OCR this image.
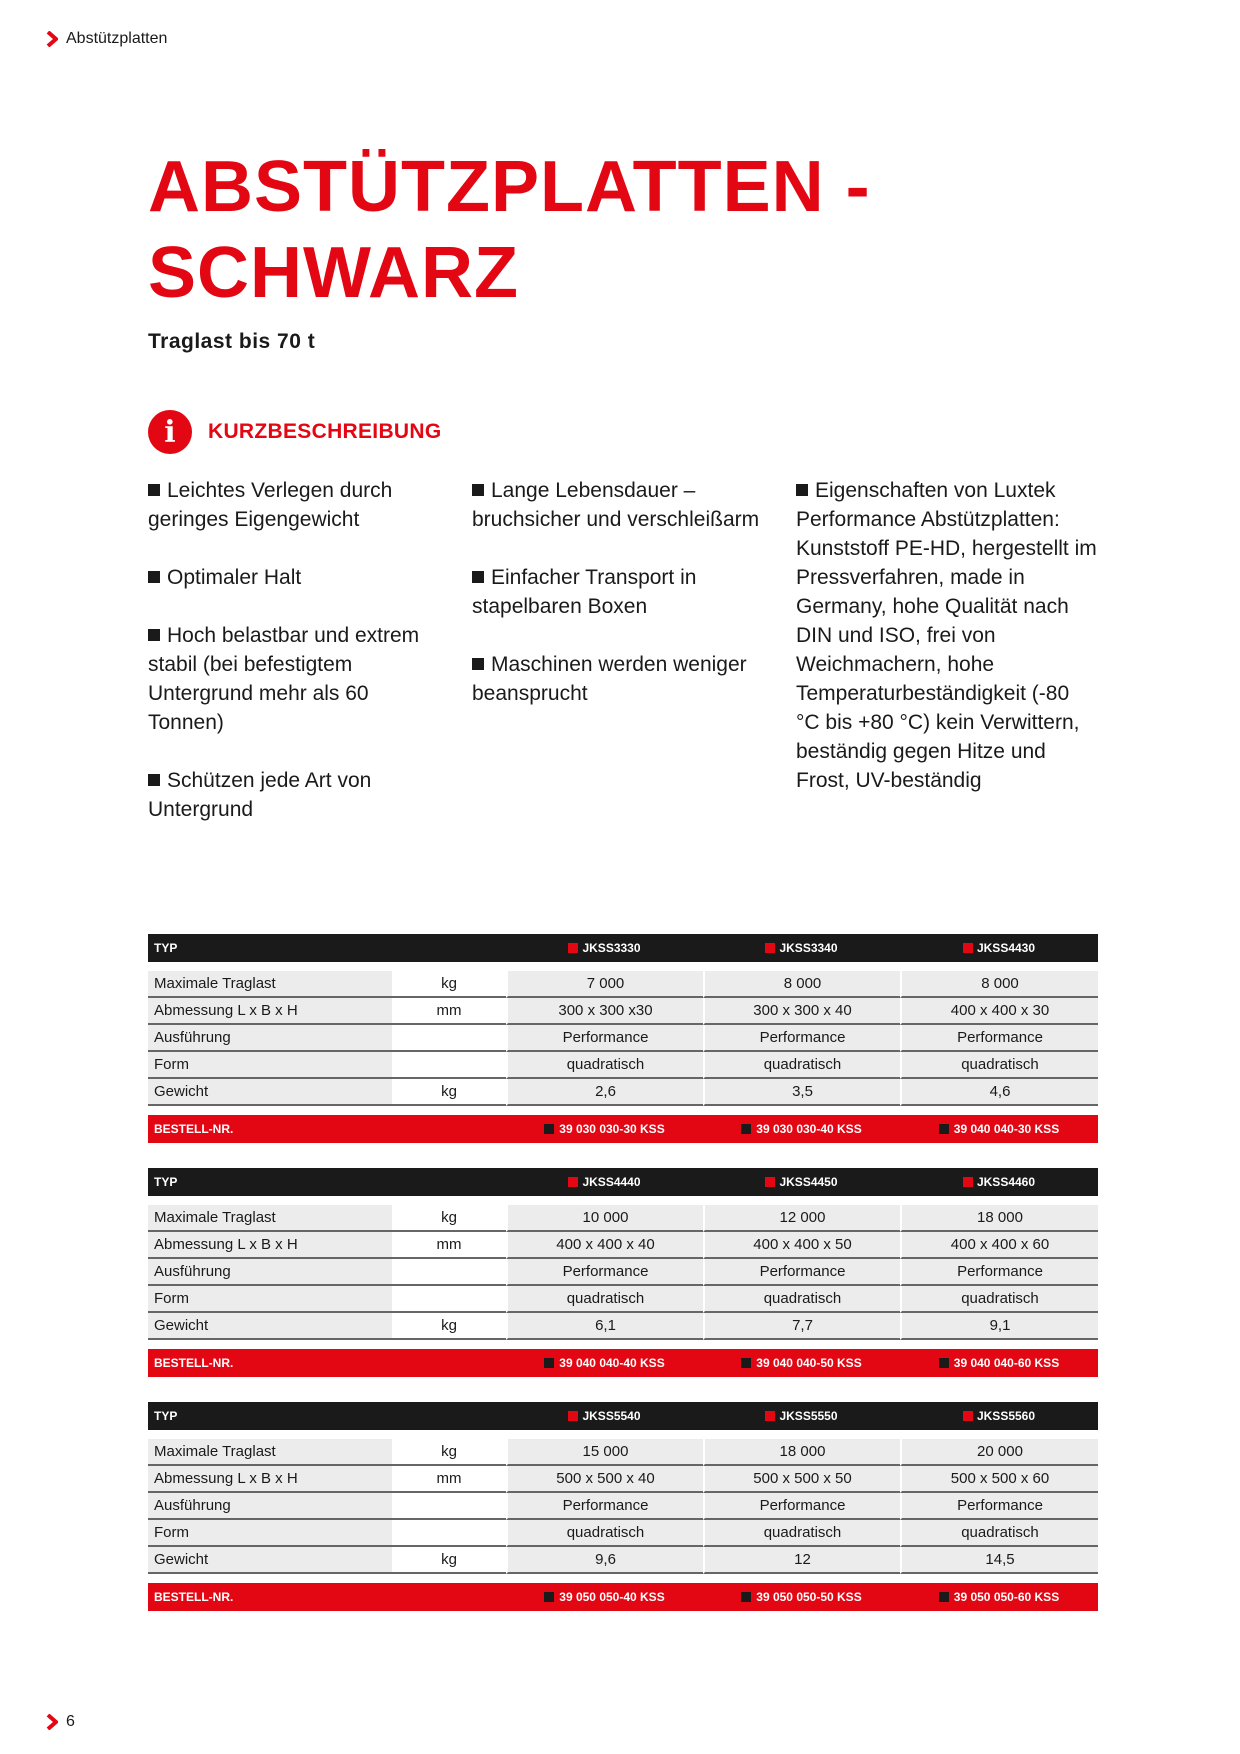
Abstützplatten
ABSTÜTZPLATTEN -
SCHWARZ

Traglast bis 70 t

i	KURZBESCHREIBUNG

Leichtes Verlegen durch geringes Eigengewicht

Optimaler Halt

Hoch belastbar und extrem stabil (bei befestigtem Untergrund mehr als 60 Tonnen)

Schützen jede Art von Untergrund

Lange Lebensdauer – bruchsicher und verschleißarm

Einfacher Transport in stapelbaren Boxen

Maschinen werden weniger beansprucht

Eigenschaften von Luxtek Performance Abstützplatten: Kunststoff PE-HD, hergestellt im Pressverfahren, made in Germany, hohe Qualität nach DIN und ISO, frei von Weichmachern, hohe Temperaturbeständigkeit (-80 °C bis +80 °C) kein Verwittern, beständig gegen Hitze und Frost, UV-beständig

TYP		JKSS3330	JKSS3340	JKSS4430

Maximale Traglast	kg	7 000	8 000	8 000
Abmessung L x B x H	mm	300 x 300 x30	300 x 300 x 40	400 x 400 x 30
Ausführung		Performance	Performance	Performance
Form		quadratisch	quadratisch	quadratisch
Gewicht	kg	2,6	3,5	4,6

BESTELL-NR.		39 030 030-30 KSS	39 030 030-40 KSS	39 040 040-30 KSS
TYP		JKSS4440	JKSS4450	JKSS4460

Maximale Traglast	kg	10 000	12 000	18 000
Abmessung L x B x H	mm	400 x 400 x 40	400 x 400 x 50	400 x 400 x 60
Ausführung		Performance	Performance	Performance
Form		quadratisch	quadratisch	quadratisch
Gewicht	kg	6,1	7,7	9,1

BESTELL-NR.		39 040 040-40 KSS	39 040 040-50 KSS	39 040 040-60 KSS
TYP		JKSS5540	JKSS5550	JKSS5560

Maximale Traglast	kg	15 000	18 000	20 000
Abmessung L x B x H	mm	500 x 500 x 40	500 x 500 x 50	500 x 500 x 60
Ausführung		Performance	Performance	Performance
Form		quadratisch	quadratisch	quadratisch
Gewicht	kg	9,6	12	14,5

BESTELL-NR.		39 050 050-40 KSS	39 050 050-50 KSS	39 050 050-60 KSS
6
